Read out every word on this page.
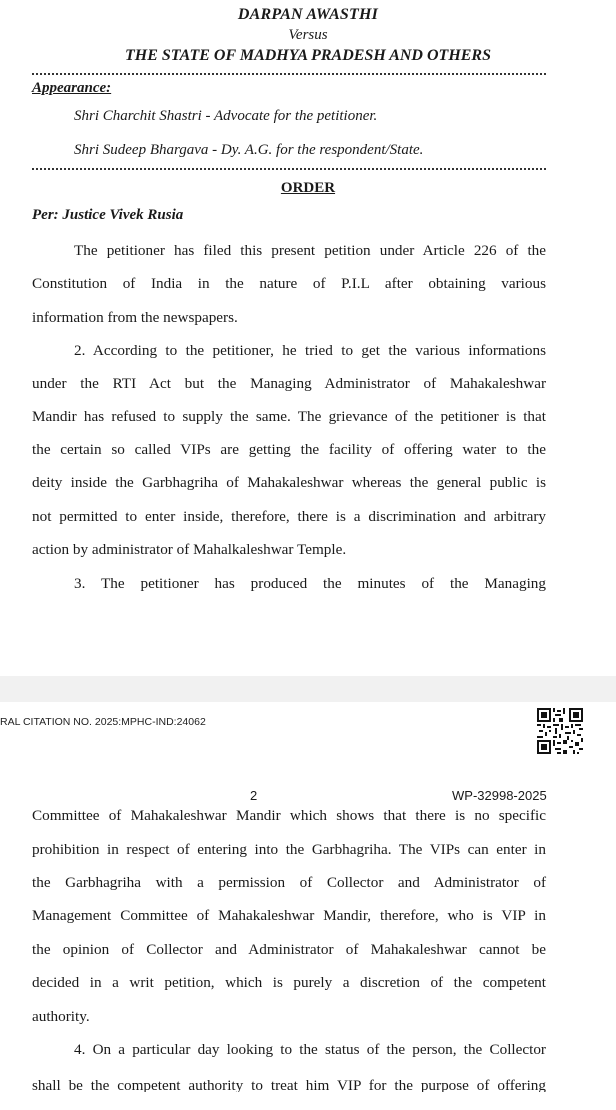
DARPAN AWASTHI
Versus
THE STATE OF MADHYA PRADESH AND OTHERS
Appearance:
Shri Charchit Shastri - Advocate for the petitioner.
Shri Sudeep Bhargava - Dy. A.G. for the respondent/State.
ORDER
Per: Justice Vivek Rusia
The petitioner has filed this present petition under Article 226 of the
Constitution of India in the nature of P.I.L after obtaining various
information from the newspapers.
2. According to the petitioner, he tried to get the various informations
under the RTI Act but the Managing Administrator of Mahakaleshwar
Mandir has refused to supply the same. The grievance of the petitioner is that
the certain so called VIPs are getting the facility of offering water to the
deity inside the Garbhagriha of Mahakaleshwar whereas the general public is
not permitted to enter inside, therefore, there is a discrimination and arbitrary
action by administrator of Mahalkaleshwar Temple.
3. The petitioner has produced the minutes of the Managing
RAL CITATION NO. 2025:MPHC-IND:24062
2	WP-32998-2025
Committee of Mahakaleshwar Mandir which shows that there is no specific
prohibition in respect of entering into the Garbhagriha. The VIPs can enter in
the Garbhagriha with a permission of Collector and Administrator of
Management Committee of Mahakaleshwar Mandir, therefore, who is VIP in
the opinion of Collector and Administrator of Mahakaleshwar cannot be
decided in a writ petition, which is purely a discretion of the competent
authority.
4. On a particular day looking to the status of the person, the Collector
shall be the competent authority to treat him VIP for the purpose of offering
